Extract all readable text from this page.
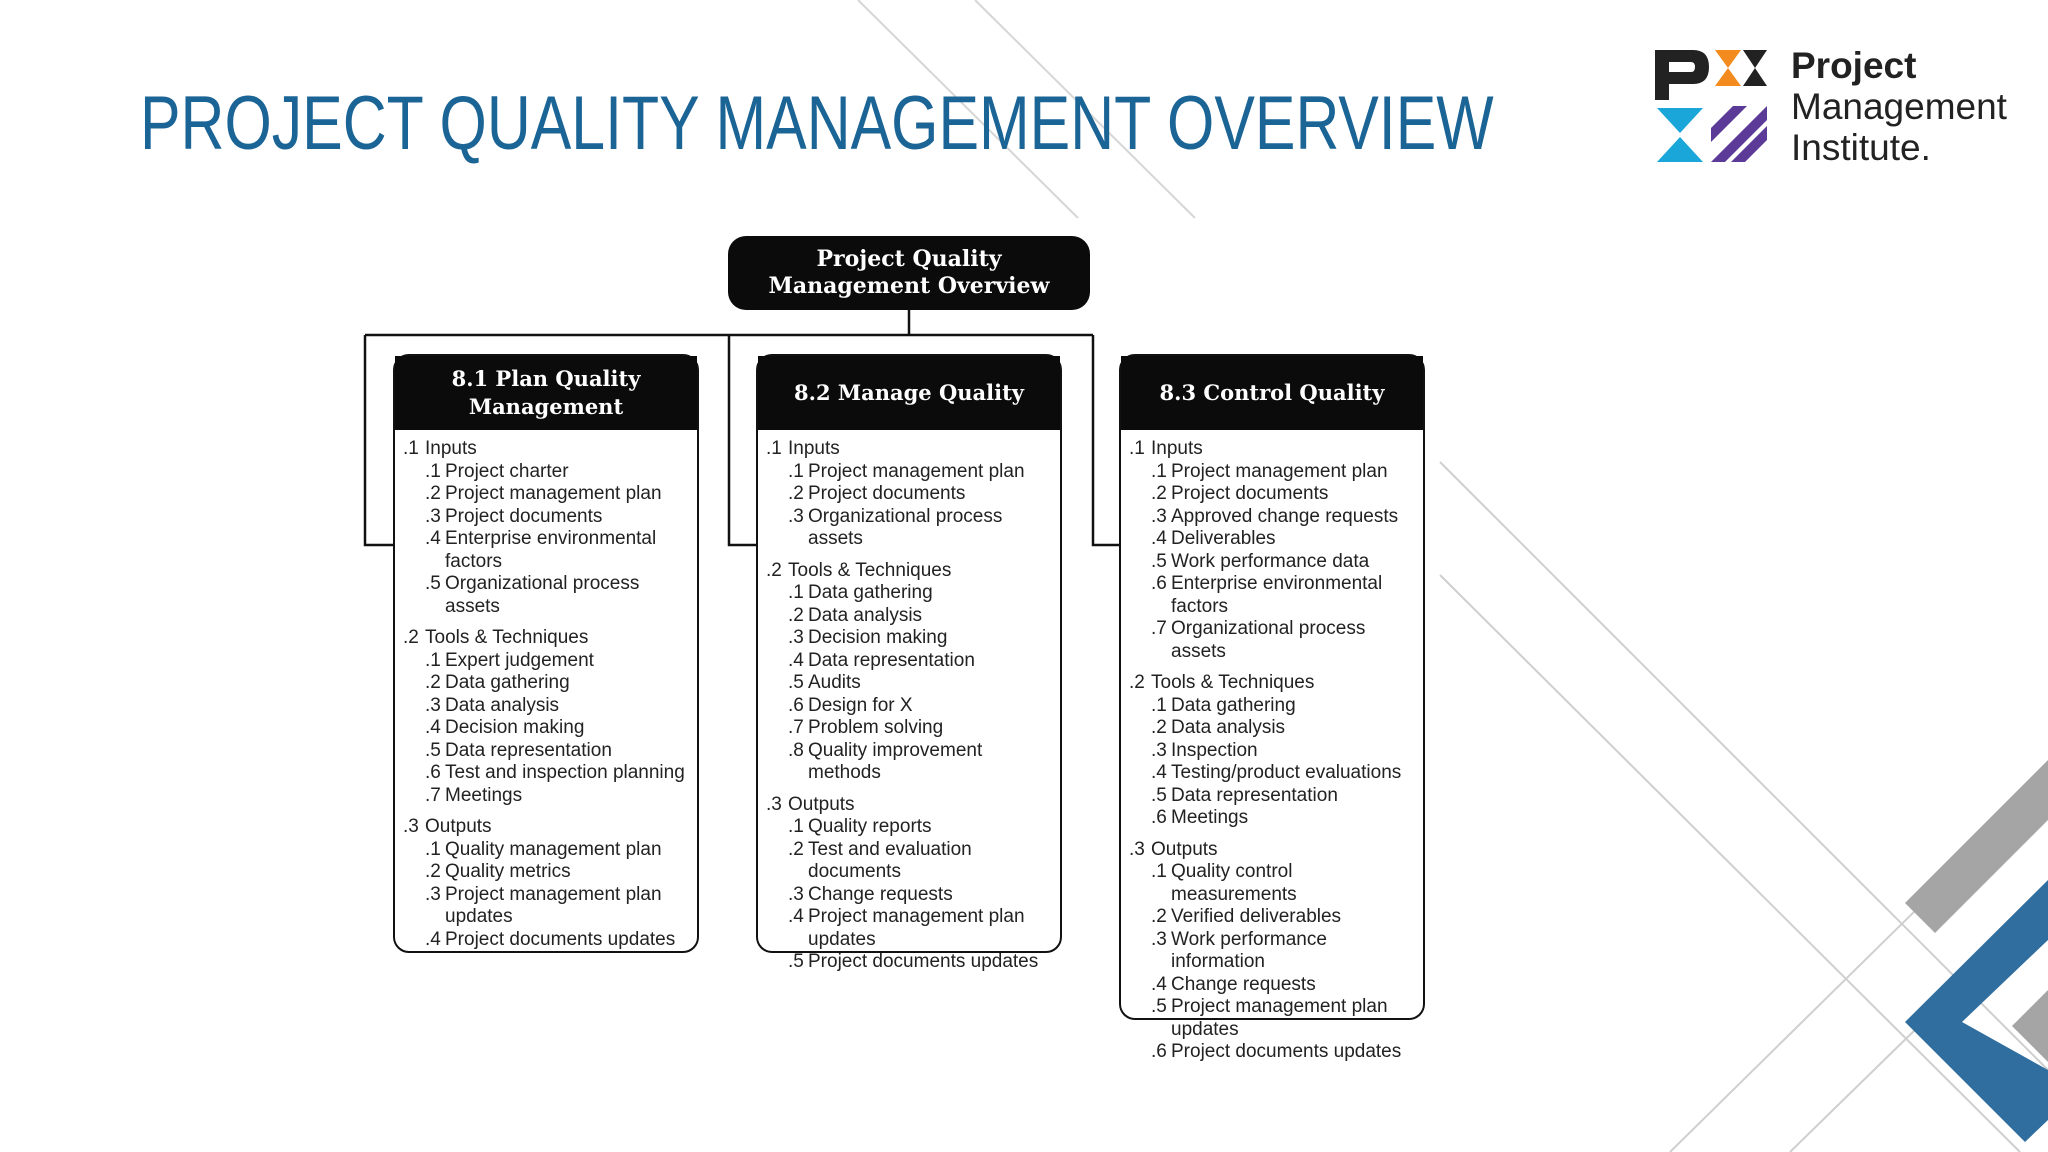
PROJECT QUALITY MANAGEMENT OVERVIEW
Project
Management
Institute.
Project Quality
Management Overview
8.1 Plan Quality
Management
.1 Inputs
.1 Project charter
.2 Project management plan
.3 Project documents
.4 Enterprise environmental factors
.5 Organizational process assets
.2 Tools & Techniques
.1 Expert judgement
.2 Data gathering
.3 Data analysis
.4 Decision making
.5 Data representation
.6 Test and inspection planning
.7 Meetings
.3 Outputs
.1 Quality management plan
.2 Quality metrics
.3 Project management plan updates
.4 Project documents updates
8.2 Manage Quality
.1 Inputs
.1 Project management plan
.2 Project documents
.3 Organizational process assets
.2 Tools & Techniques
.1 Data gathering
.2 Data analysis
.3 Decision making
.4 Data representation
.5 Audits
.6 Design for X
.7 Problem solving
.8 Quality improvement methods
.3 Outputs
.1 Quality reports
.2 Test and evaluation documents
.3 Change requests
.4 Project management plan updates
.5 Project documents updates
8.3 Control Quality
.1 Inputs
.1 Project management plan
.2 Project documents
.3 Approved change requests
.4 Deliverables
.5 Work performance data
.6 Enterprise environmental factors
.7 Organizational process assets
.2 Tools & Techniques
.1 Data gathering
.2 Data analysis
.3 Inspection
.4 Testing/product evaluations
.5 Data representation
.6 Meetings
.3 Outputs
.1 Quality control measurements
.2 Verified deliverables
.3 Work performance information
.4 Change requests
.5 Project management plan updates
.6 Project documents updates
